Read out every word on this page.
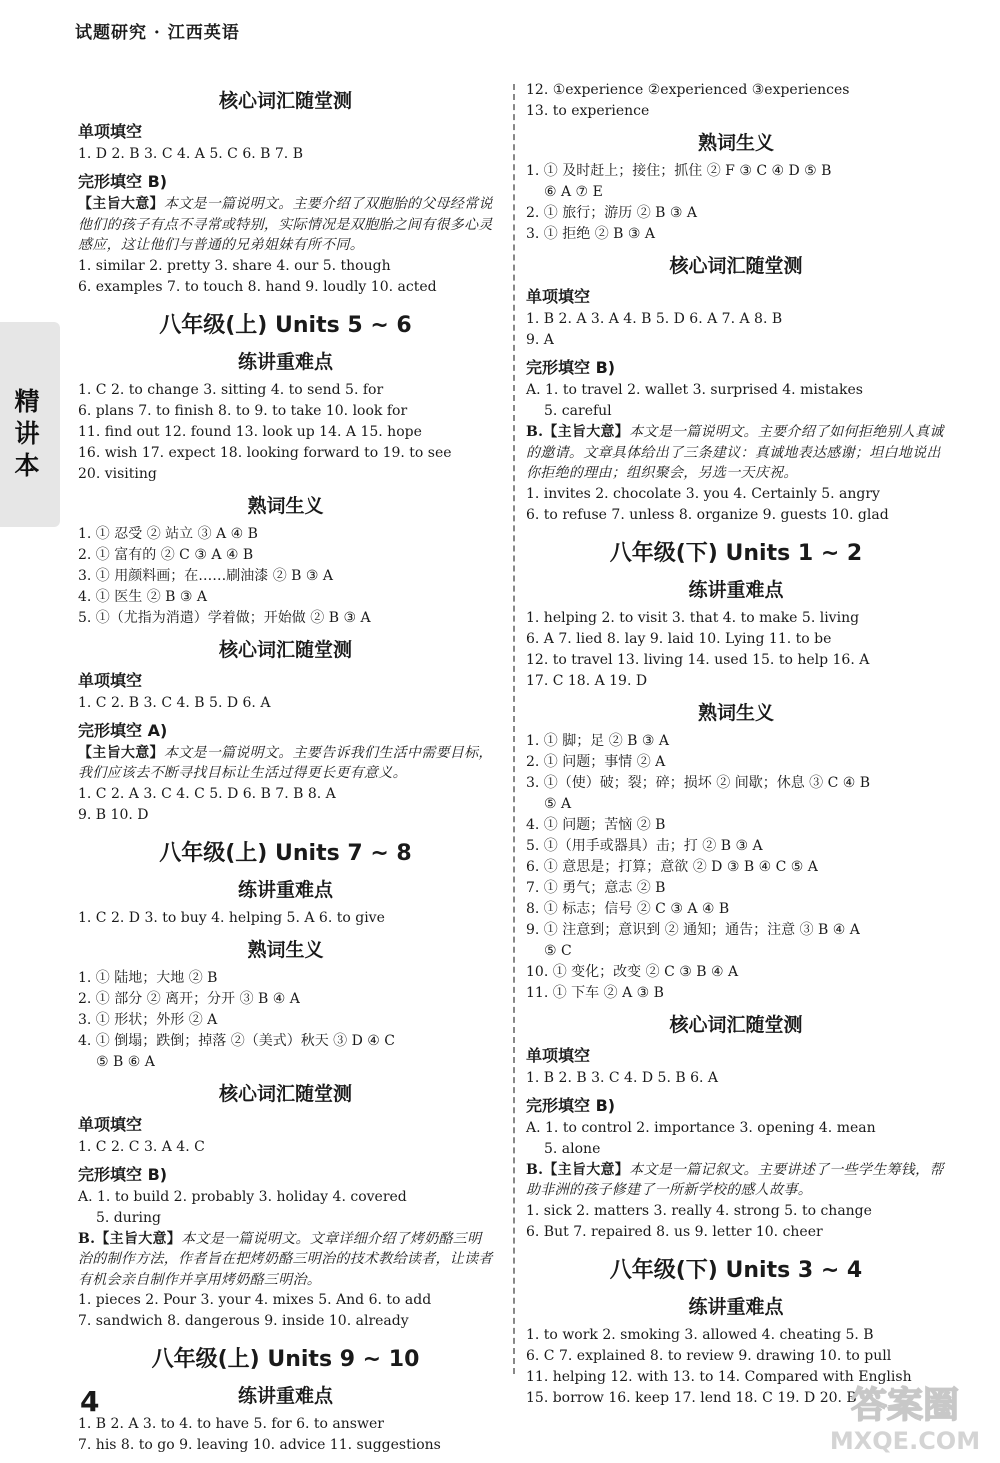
试题研究 · 江西英语
精讲本
核心词汇随堂测
单项填空
1. D 2. B 3. C 4. A 5. C 6. B 7. B
完形填空 B)
【主旨大意】本文是一篇说明文。主要介绍了双胞胎的父母经常说他们的孩子有点不寻常或特别，实际情况是双胞胎之间有很多心灵感应，这让他们与普通的兄弟姐妹有所不同。
1. similar 2. pretty 3. share 4. our 5. though
6. examples 7. to touch 8. hand 9. loudly 10. acted
八年级(上) Units 5 ~ 6
练讲重难点
1. C 2. to change 3. sitting 4. to send 5. for
6. plans 7. to finish 8. to 9. to take 10. look for
11. find out 12. found 13. look up 14. A 15. hope
16. wish 17. expect 18. looking forward to 19. to see
20. visiting
熟词生义
1. ① 忍受 ② 站立 ③ A ④ B
2. ① 富有的 ② C ③ A ④ B
3. ① 用颜料画；在……刷油漆 ② B ③ A
4. ① 医生 ② B ③ A
5. ①（尤指为消遣）学着做；开始做 ② B ③ A
核心词汇随堂测
单项填空
1. C 2. B 3. C 4. B 5. D 6. A
完形填空 A)
【主旨大意】本文是一篇说明文。主要告诉我们生活中需要目标，我们应该去不断寻找目标让生活过得更长更有意义。
1. C 2. A 3. C 4. C 5. D 6. B 7. B 8. A
9. B 10. D
八年级(上) Units 7 ~ 8
练讲重难点
1. C 2. D 3. to buy 4. helping 5. A 6. to give
熟词生义
1. ① 陆地；大地 ② B
2. ① 部分 ② 离开；分开 ③ B ④ A
3. ① 形状；外形 ② A
4. ① 倒塌；跌倒；掉落 ②（美式）秋天 ③ D ④ C
⑤ B ⑥ A
核心词汇随堂测
单项填空
1. C 2. C 3. A 4. C
完形填空 B)
A. 1. to build 2. probably 3. holiday 4. covered
5. during
B.【主旨大意】本文是一篇说明文。文章详细介绍了烤奶酪三明治的制作方法，作者旨在把烤奶酪三明治的技术教给读者，让读者有机会亲自制作并享用烤奶酪三明治。
1. pieces 2. Pour 3. your 4. mixes 5. And 6. to add
7. sandwich 8. dangerous 9. inside 10. already
八年级(上) Units 9 ~ 10
练讲重难点
1. B 2. A 3. to 4. to have 5. for 6. to answer
7. his 8. to go 9. leaving 10. advice 11. suggestions
12. ①experience ②experienced ③experiences
13. to experience
熟词生义
1. ① 及时赶上；接住；抓住 ② F ③ C ④ D ⑤ B
⑥ A ⑦ E
2. ① 旅行；游历 ② B ③ A
3. ① 拒绝 ② B ③ A
核心词汇随堂测
单项填空
1. B 2. A 3. A 4. B 5. D 6. A 7. A 8. B
9. A
完形填空 B)
A. 1. to travel 2. wallet 3. surprised 4. mistakes
5. careful
B.【主旨大意】本文是一篇说明文。主要介绍了如何拒绝别人真诚的邀请。文章具体给出了三条建议：真诚地表达感谢；坦白地说出你拒绝的理由；组织聚会，另选一天庆祝。
1. invites 2. chocolate 3. you 4. Certainly 5. angry
6. to refuse 7. unless 8. organize 9. guests 10. glad
八年级(下) Units 1 ~ 2
练讲重难点
1. helping 2. to visit 3. that 4. to make 5. living
6. A 7. lied 8. lay 9. laid 10. Lying 11. to be
12. to travel 13. living 14. used 15. to help 16. A
17. C 18. A 19. D
熟词生义
1. ① 脚；足 ② B ③ A
2. ① 问题；事情 ② A
3. ①（使）破；裂；碎；损坏 ② 间歇；休息 ③ C ④ B
⑤ A
4. ① 问题；苦恼 ② B
5. ①（用手或器具）击；打 ② B ③ A
6. ① 意思是；打算；意欲 ② D ③ B ④ C ⑤ A
7. ① 勇气；意志 ② B
8. ① 标志；信号 ② C ③ A ④ B
9. ① 注意到；意识到 ② 通知；通告；注意 ③ B ④ A
⑤ C
10. ① 变化；改变 ② C ③ B ④ A
11. ① 下车 ② A ③ B
核心词汇随堂测
单项填空
1. B 2. B 3. C 4. D 5. B 6. A
完形填空 B)
A. 1. to control 2. importance 3. opening 4. mean
5. alone
B.【主旨大意】本文是一篇记叙文。主要讲述了一些学生筹钱，帮助非洲的孩子修建了一所新学校的感人故事。
1. sick 2. matters 3. really 4. strong 5. to change
6. But 7. repaired 8. us 9. letter 10. cheer
八年级(下) Units 3 ~ 4
练讲重难点
1. to work 2. smoking 3. allowed 4. cheating 5. B
6. C 7. explained 8. to review 9. drawing 10. to pull
11. helping 12. with 13. to 14. Compared with English
15. borrow 16. keep 17. lend 18. C 19. D 20. B
4	答案圈
MXQE.COM
